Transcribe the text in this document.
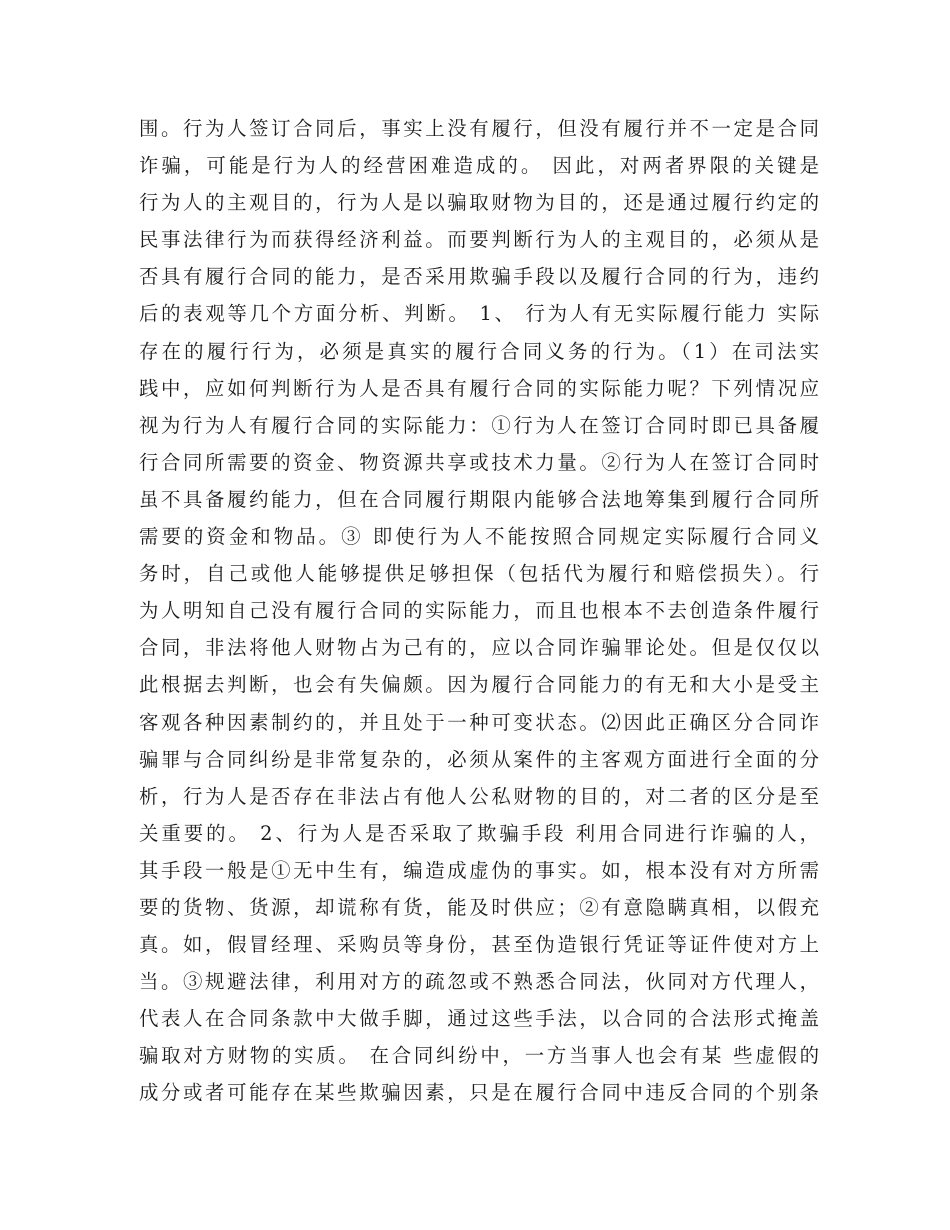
围。行为人签订合同后，事实上没有履行，但没有履行并不一定是合同
诈骗，可能是行为人的经营困难造成的。 因此，对两者界限的关键是
行为人的主观目的，行为人是以骗取财物为目的，还是通过履行约定的
民事法律行为而获得经济利益。而要判断行为人的主观目的，必须从是
否具有履行合同的能力，是否采用欺骗手段以及履行合同的行为，违约
后的表观等几个方面分析、判断。 1、 行为人有无实际履行能力 实际
存在的履行行为，必须是真实的履行合同义务的行为。（1）在司法实
践中，应如何判断行为人是否具有履行合同的实际能力呢？下列情况应
视为行为人有履行合同的实际能力：①行为人在签订合同时即已具备履
行合同所需要的资金、物资源共享或技术力量。②行为人在签订合同时
虽不具备履约能力，但在合同履行期限内能够合法地筹集到履行合同所
需要的资金和物品。③ 即使行为人不能按照合同规定实际履行合同义
务时，自己或他人能够提供足够担保（包括代为履行和赔偿损失）。行
为人明知自己没有履行合同的实际能力，而且也根本不去创造条件履行
合同，非法将他人财物占为己有的，应以合同诈骗罪论处。但是仅仅以
此根据去判断，也会有失偏颇。因为履行合同能力的有无和大小是受主
客观各种因素制约的，并且处于一种可变状态。⑵因此正确区分合同诈
骗罪与合同纠纷是非常复杂的，必须从案件的主客观方面进行全面的分
析，行为人是否存在非法占有他人公私财物的目的，对二者的区分是至
关重要的。 2、行为人是否采取了欺骗手段 利用合同进行诈骗的人，
其手段一般是①无中生有，编造成虚伪的事实。如，根本没有对方所需
要的货物、货源，却谎称有货，能及时供应；②有意隐瞒真相，以假充
真。如，假冒经理、采购员等身份，甚至伪造银行凭证等证件使对方上
当。③规避法律，利用对方的疏忽或不熟悉合同法，伙同对方代理人，
代表人在合同条款中大做手脚，通过这些手法，以合同的合法形式掩盖
骗取对方财物的实质。 在合同纠纷中，一方当事人也会有某 些虚假的
成分或者可能存在某些欺骗因素，只是在履行合同中违反合同的个别条
